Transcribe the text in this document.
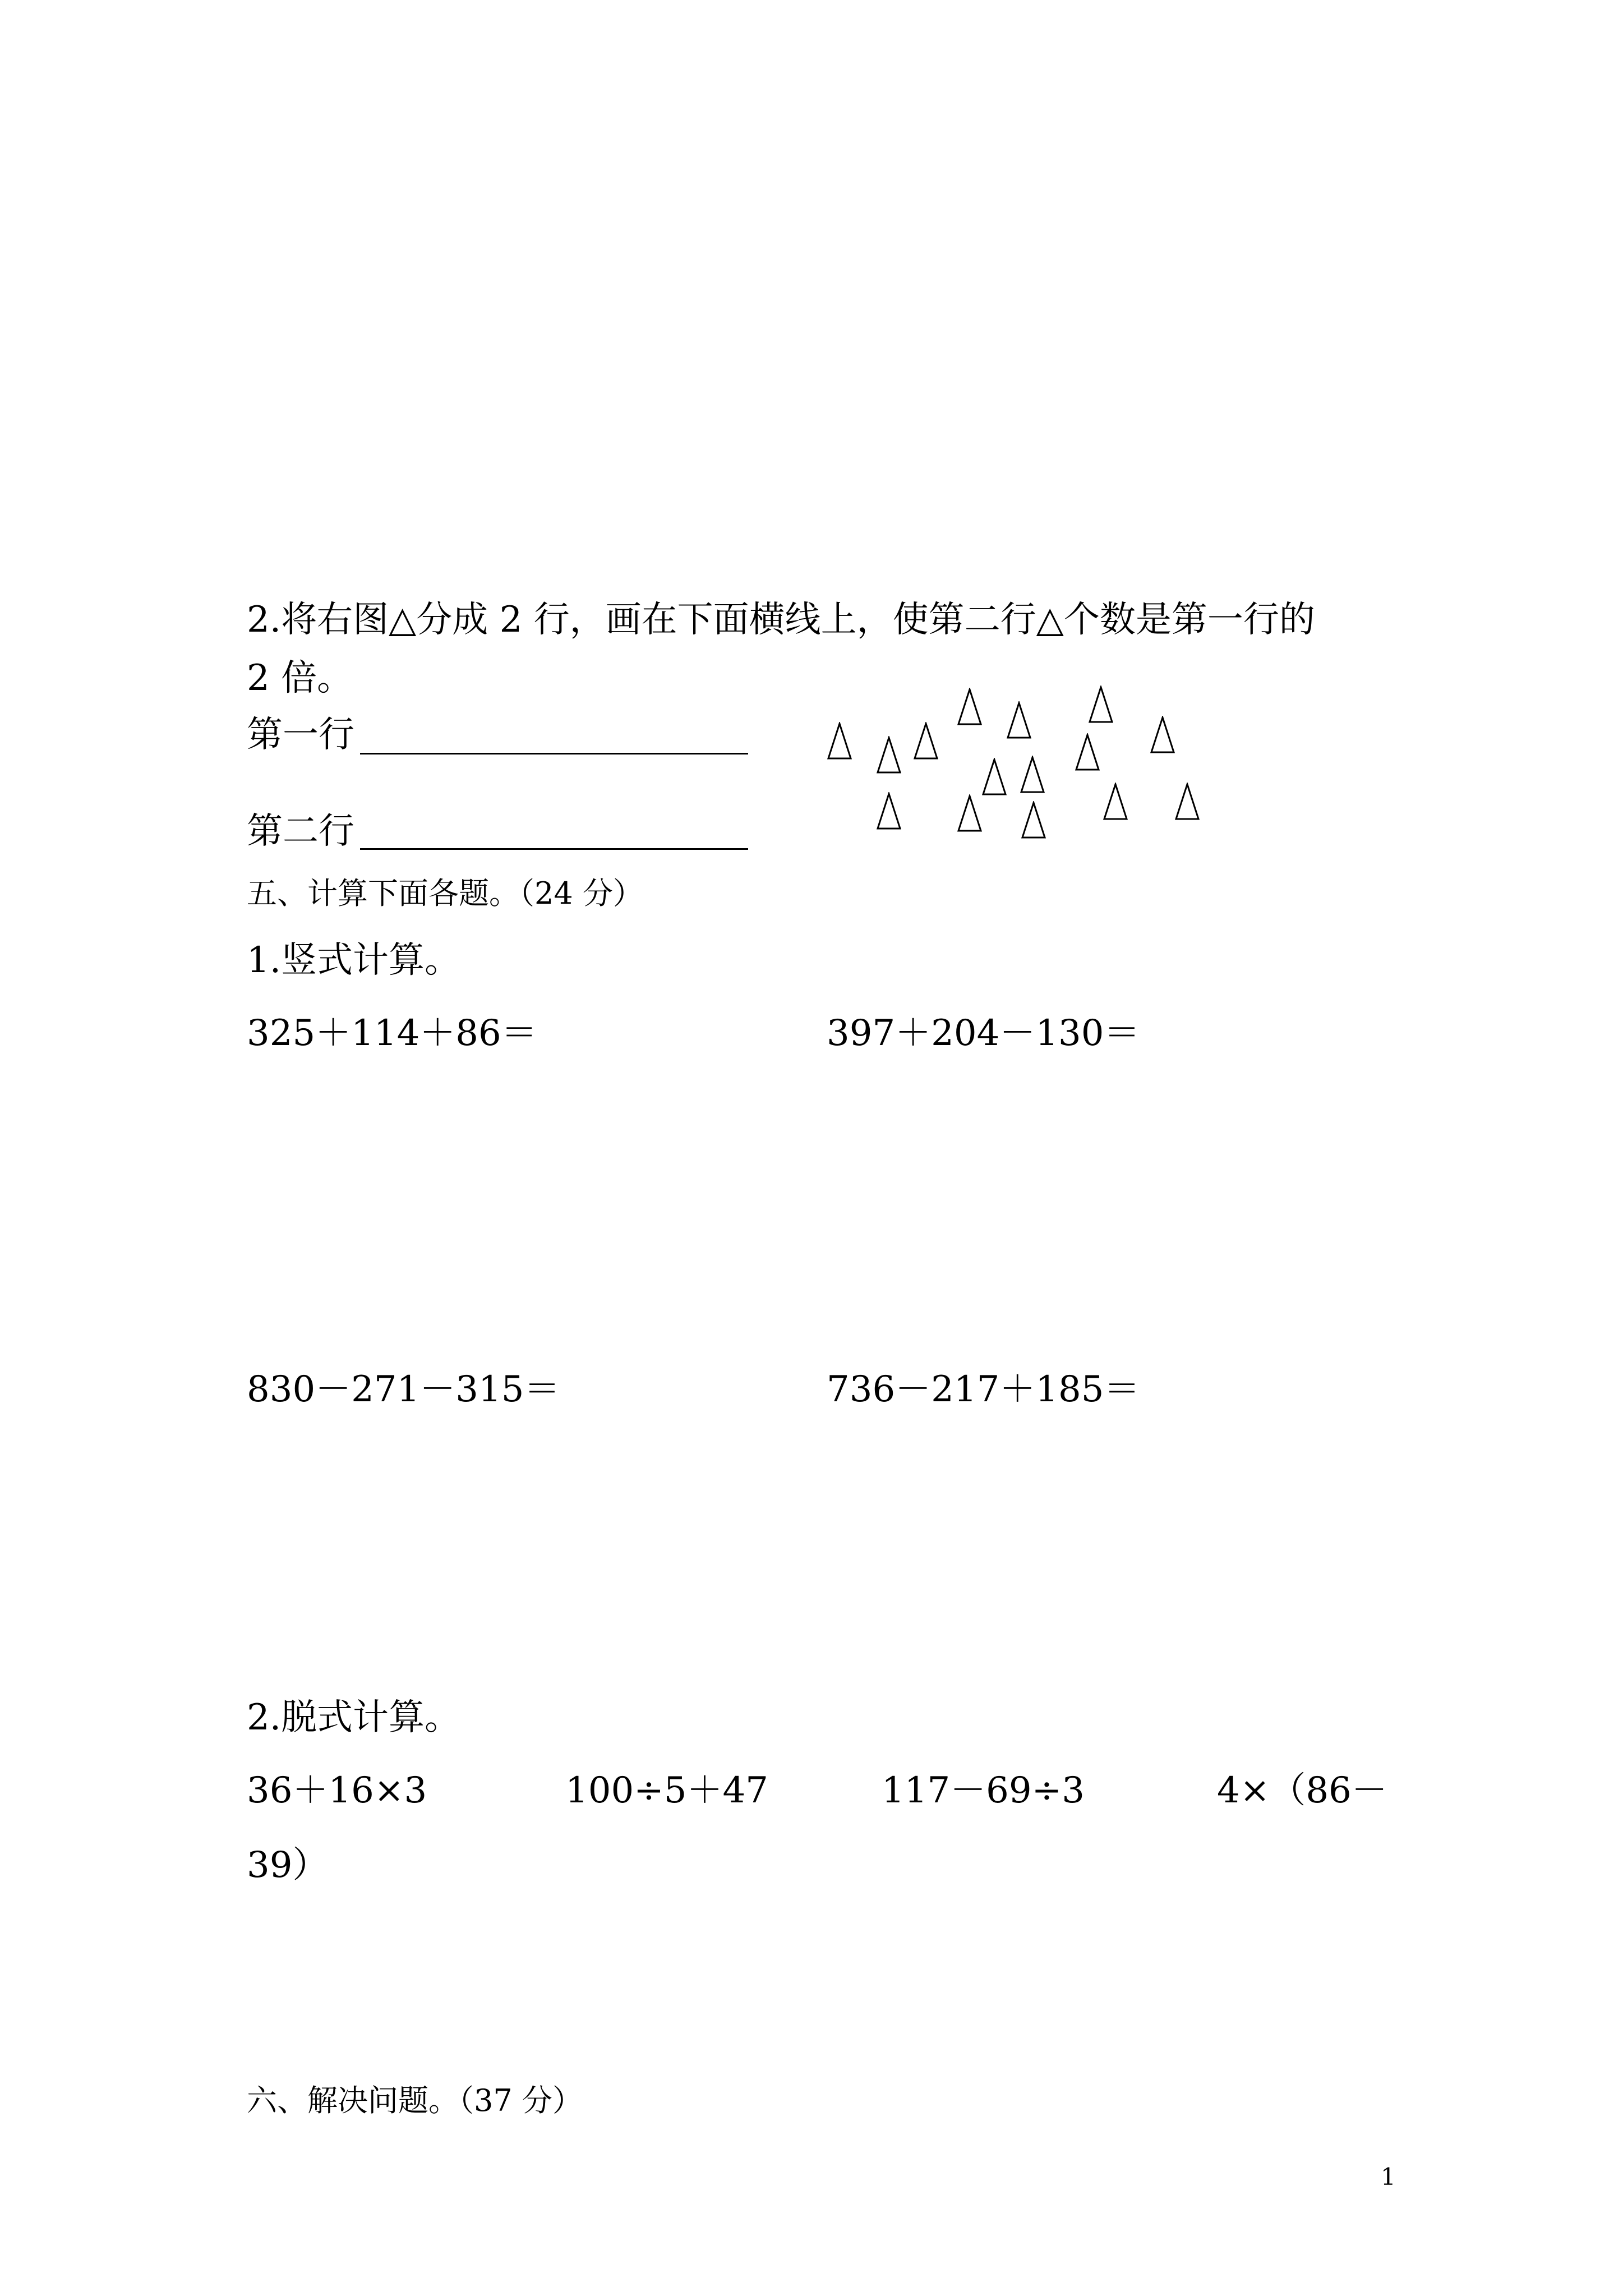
2.将右图△分成 2 行，画在下面横线上，使第二行△个数是第一行的
2 倍。
第一行
第二行
五、计算下面各题。（24 分）
1.竖式计算。
325＋114＋86＝	397＋204－130＝
830－271－315＝	736－217＋185＝
2.脱式计算。
36＋16×3	100÷5＋47	117－69÷3	4×（86－
39）
六、解决问题。（37 分）
1
